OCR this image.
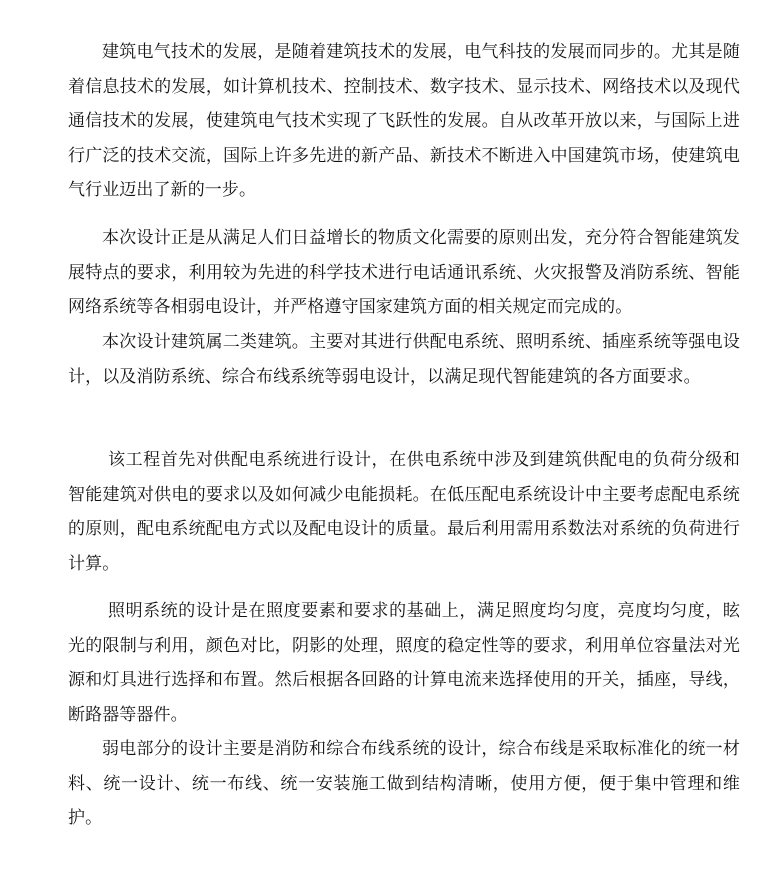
建筑电气技术的发展，是随着建筑技术的发展，电气科技的发展而同步的。尤其是随着信息技术的发展，如计算机技术、控制技术、数字技术、显示技术、网络技术以及现代通信技术的发展，使建筑电气技术实现了飞跃性的发展。自从改革开放以来，与国际上进行广泛的技术交流，国际上许多先进的新产品、新技术不断进入中国建筑市场，使建筑电气行业迈出了新的一步。

本次设计正是从满足人们日益增长的物质文化需要的原则出发，充分符合智能建筑发展特点的要求，利用较为先进的科学技术进行电话通讯系统、火灾报警及消防系统、智能网络系统等各相弱电设计，并严格遵守国家建筑方面的相关规定而完成的。

本次设计建筑属二类建筑。主要对其进行供配电系统、照明系统、插座系统等强电设计，以及消防系统、综合布线系统等弱电设计，以满足现代智能建筑的各方面要求。

该工程首先对供配电系统进行设计，在供电系统中涉及到建筑供配电的负荷分级和智能建筑对供电的要求以及如何减少电能损耗。在低压配电系统设计中主要考虑配电系统的原则，配电系统配电方式以及配电设计的质量。最后利用需用系数法对系统的负荷进行计算。

照明系统的设计是在照度要素和要求的基础上，满足照度均匀度，亮度均匀度，眩光的限制与利用，颜色对比，阴影的处理，照度的稳定性等的要求，利用单位容量法对光源和灯具进行选择和布置。然后根据各回路的计算电流来选择使用的开关，插座，导线，断路器等器件。

弱电部分的设计主要是消防和综合布线系统的设计，综合布线是采取标准化的统一材料、统一设计、统一布线、统一安装施工做到结构清晰，使用方便，便于集中管理和维护。
